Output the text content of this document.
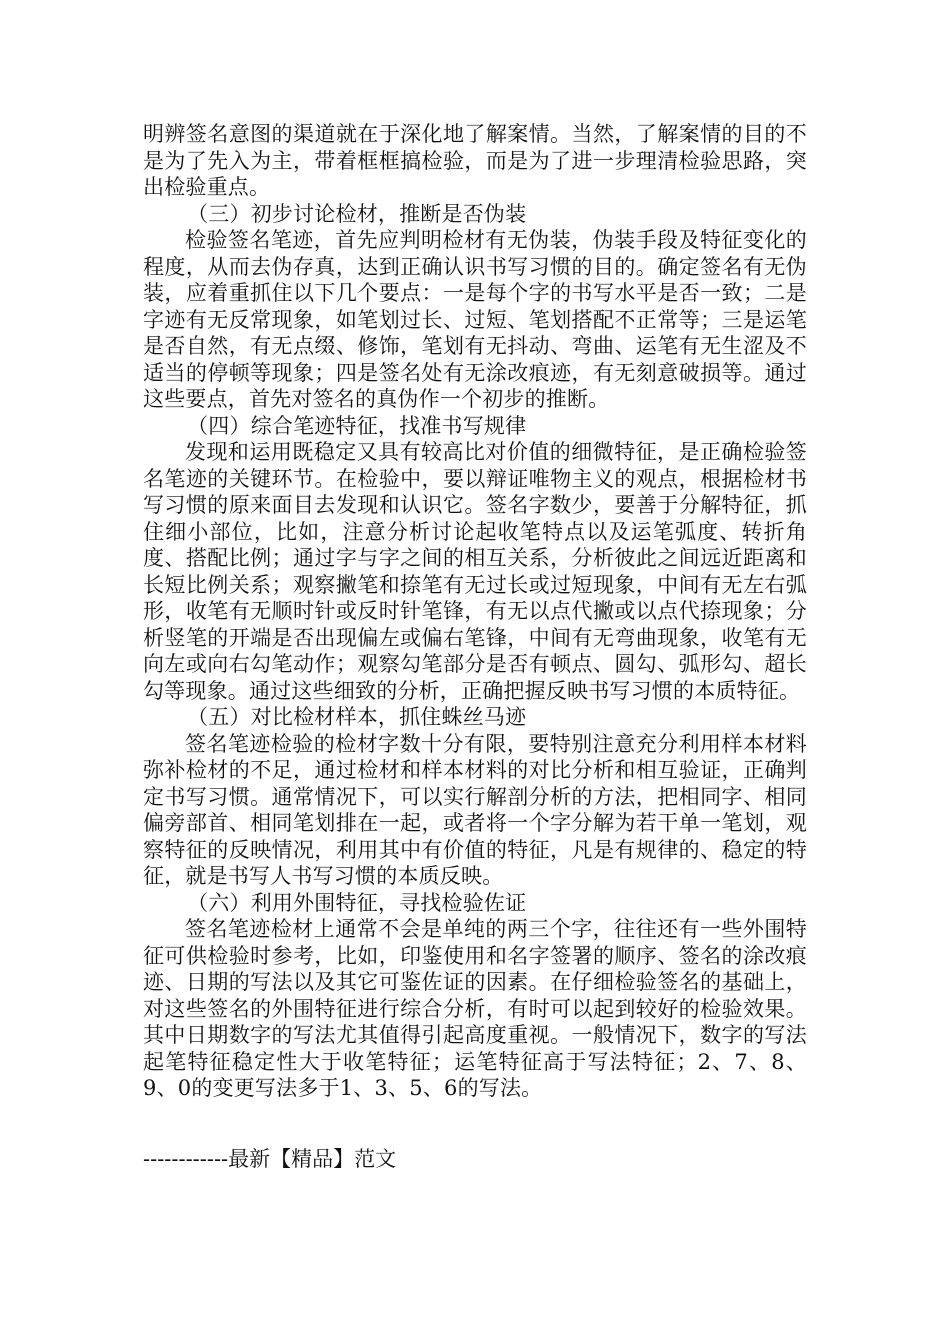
明辨签名意图的渠道就在于深化地了解案情。当然，了解案情的目的不是为了先入为主，带着框框搞检验，而是为了进一步理清检验思路，突出检验重点。

（三）初步讨论检材，推断是否伪装

检验签名笔迹，首先应判明检材有无伪装，伪装手段及特征变化的程度，从而去伪存真，达到正确认识书写习惯的目的。确定签名有无伪装，应着重抓住以下几个要点：一是每个字的书写水平是否一致；二是字迹有无反常现象，如笔划过长、过短、笔划搭配不正常等；三是运笔是否自然，有无点缀、修饰，笔划有无抖动、弯曲、运笔有无生涩及不适当的停顿等现象；四是签名处有无涂改痕迹，有无刻意破损等。通过这些要点，首先对签名的真伪作一个初步的推断。

（四）综合笔迹特征，找准书写规律

发现和运用既稳定又具有较高比对价值的细微特征，是正确检验签名笔迹的关键环节。在检验中，要以辩证唯物主义的观点，根据检材书写习惯的原来面目去发现和认识它。签名字数少，要善于分解特征，抓住细小部位，比如，注意分析讨论起收笔特点以及运笔弧度、转折角度、搭配比例；通过字与字之间的相互关系，分析彼此之间远近距离和长短比例关系；观察撇笔和捺笔有无过长或过短现象，中间有无左右弧形，收笔有无顺时针或反时针笔锋，有无以点代撇或以点代捺现象；分析竖笔的开端是否出现偏左或偏右笔锋，中间有无弯曲现象，收笔有无向左或向右勾笔动作；观察勾笔部分是否有顿点、圆勾、弧形勾、超长勾等现象。通过这些细致的分析，正确把握反映书写习惯的本质特征。

（五）对比检材样本，抓住蛛丝马迹

签名笔迹检验的检材字数十分有限，要特别注意充分利用样本材料弥补检材的不足，通过检材和样本材料的对比分析和相互验证，正确判定书写习惯。通常情况下，可以实行解剖分析的方法，把相同字、相同偏旁部首、相同笔划排在一起，或者将一个字分解为若干单一笔划，观察特征的反映情况，利用其中有价值的特征，凡是有规律的、稳定的特征，就是书写人书写习惯的本质反映。

（六）利用外围特征，寻找检验佐证

签名笔迹检材上通常不会是单纯的两三个字，往往还有一些外围特征可供检验时参考，比如，印鉴使用和名字签署的顺序、签名的涂改痕迹、日期的写法以及其它可鉴佐证的因素。在仔细检验签名的基础上，对这些签名的外围特征进行综合分析，有时可以起到较好的检验效果。其中日期数字的写法尤其值得引起高度重视。一般情况下，数字的写法起笔特征稳定性大于收笔特征；运笔特征高于写法特征；2、7、8、9、0的变更写法多于1、3、5、6的写法。

------------最新【精品】范文
